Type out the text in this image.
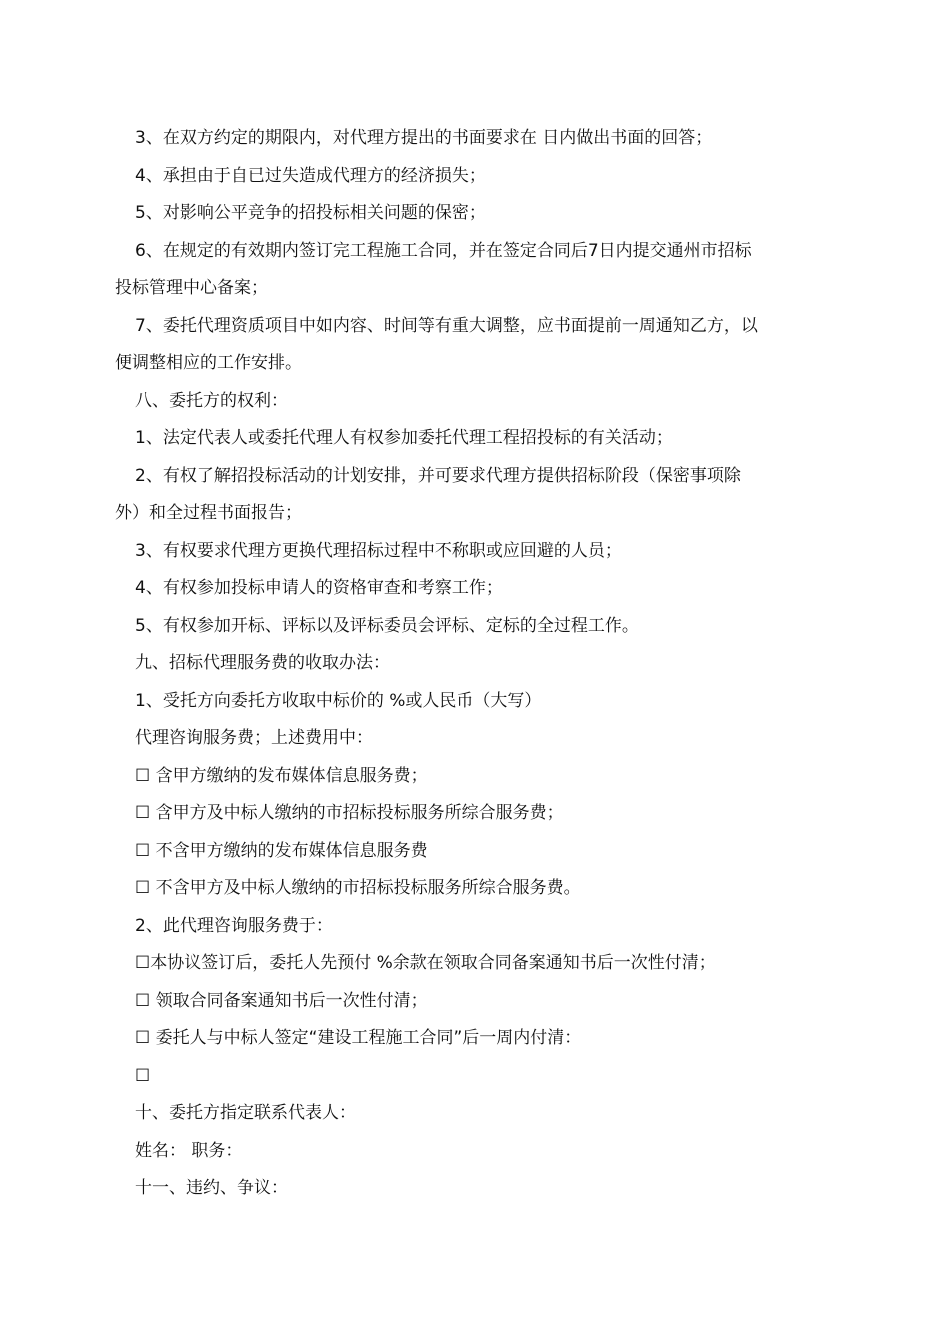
3、在双方约定的期限内，对代理方提出的书面要求在 日内做出书面的回答；

4、承担由于自已过失造成代理方的经济损失；

5、对影响公平竞争的招投标相关问题的保密；

6、在规定的有效期内签订完工程施工合同，并在签定合同后7日内提交通州市招标

投标管理中心备案；

7、委托代理资质项目中如内容、时间等有重大调整，应书面提前一周通知乙方，以

便调整相应的工作安排。

八、委托方的权利：

1、法定代表人或委托代理人有权参加委托代理工程招投标的有关活动；

2、有权了解招投标活动的计划安排，并可要求代理方提供招标阶段（保密事项除

外）和全过程书面报告；

3、有权要求代理方更换代理招标过程中不称职或应回避的人员；

4、有权参加投标申请人的资格审查和考察工作；

5、有权参加开标、评标以及评标委员会评标、定标的全过程工作。

九、招标代理服务费的收取办法：

1、受托方向委托方收取中标价的 %或人民币（大写）

代理咨询服务费；上述费用中：

☐ 含甲方缴纳的发布媒体信息服务费；

☐ 含甲方及中标人缴纳的市招标投标服务所综合服务费；

☐ 不含甲方缴纳的发布媒体信息服务费

☐ 不含甲方及中标人缴纳的市招标投标服务所综合服务费。

2、此代理咨询服务费于：

☐本协议签订后，委托人先预付 %余款在领取合同备案通知书后一次性付清；

☐ 领取合同备案通知书后一次性付清；

☐ 委托人与中标人签定“建设工程施工合同”后一周内付清：

☐

十、委托方指定联系代表人：

姓名： 职务：

十一、违约、争议：
